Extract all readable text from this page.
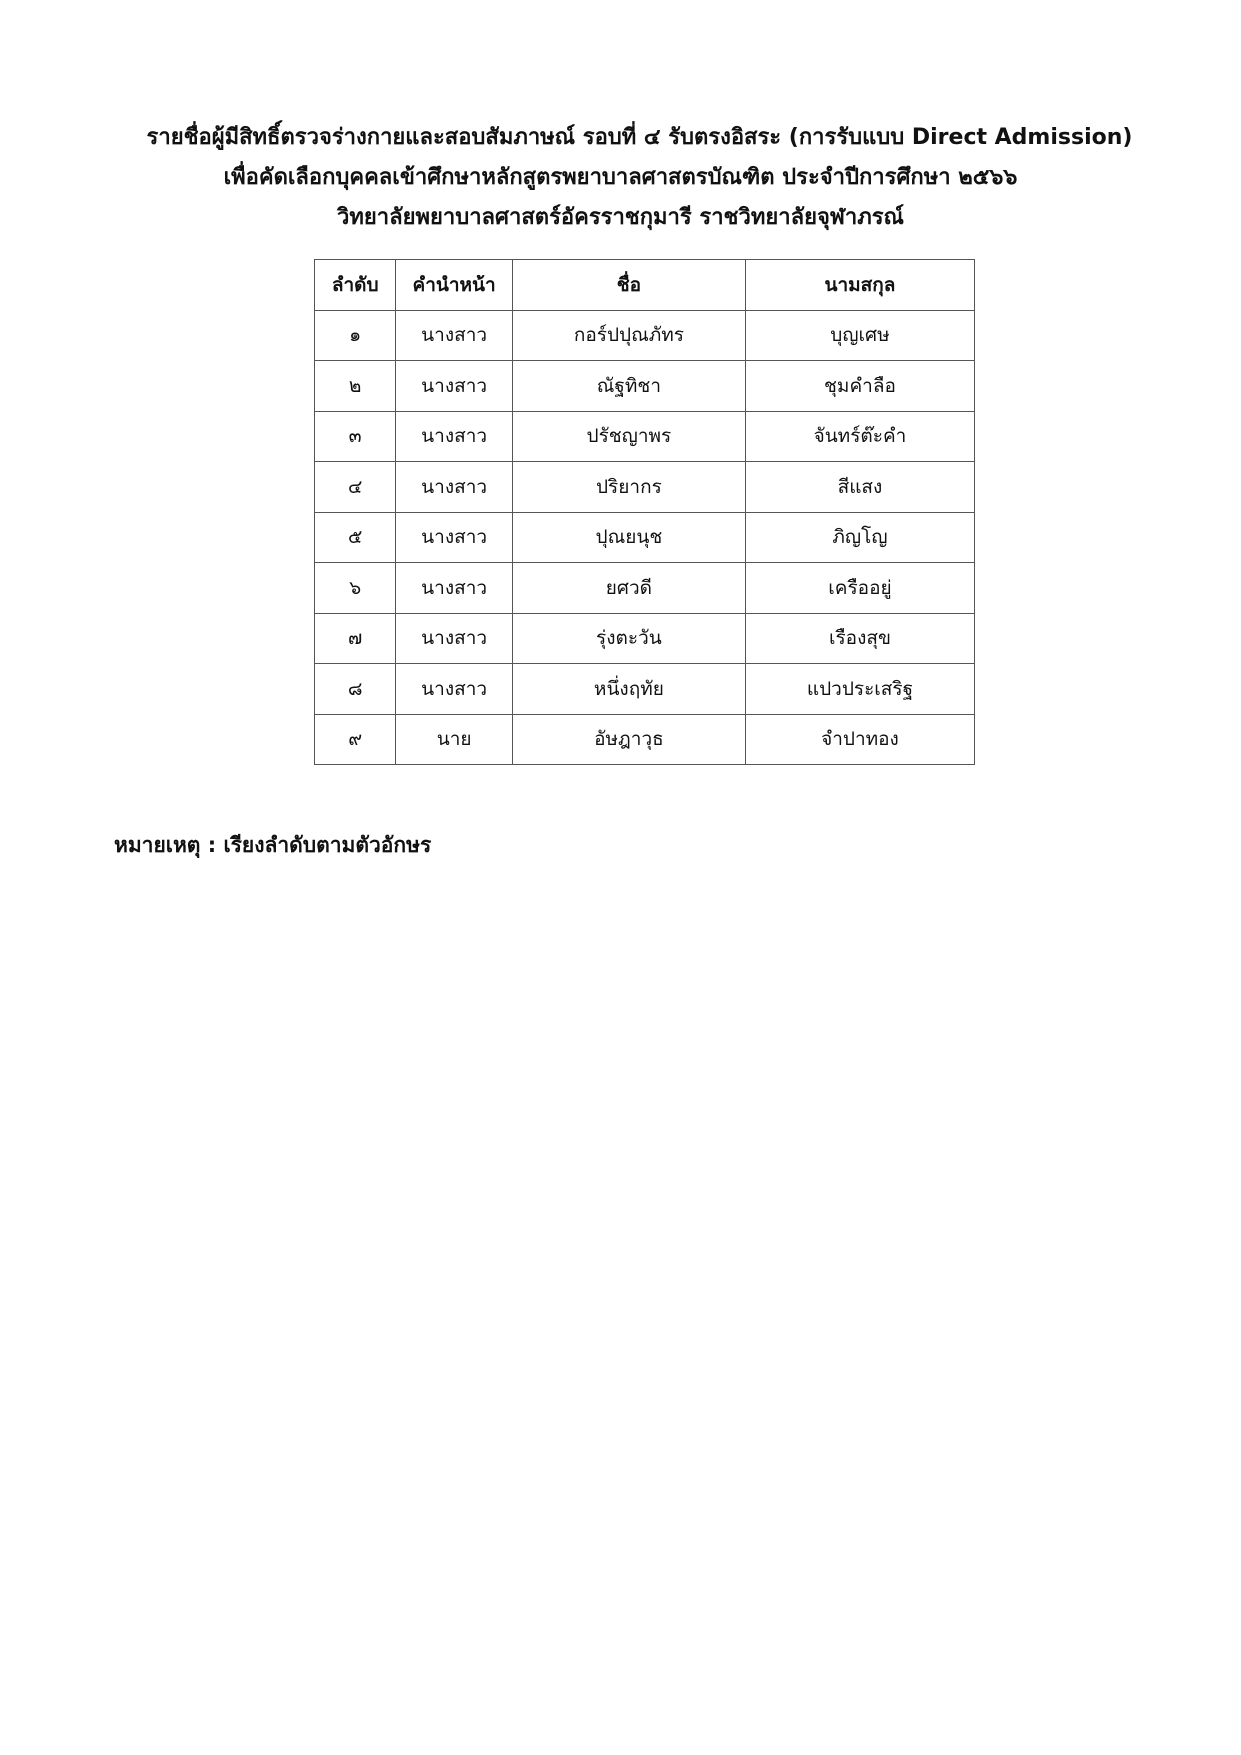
รายชื่อผู้มีสิทธิ์ตรวจร่างกายและสอบสัมภาษณ์ รอบที่ ๔ รับตรงอิสระ (การรับแบบ Direct Admission)
เพื่อคัดเลือกบุคคลเข้าศึกษาหลักสูตรพยาบาลศาสตรบัณฑิต ประจำปีการศึกษา ๒๕๖๖
วิทยาลัยพยาบาลศาสตร์อัครราชกุมารี ราชวิทยาลัยจุฬาภรณ์
ลำดับ	คำนำหน้า	ชื่อ	นามสกุล
๑	นางสาว	กอร์ปปุณภัทร	บุญเศษ
๒	นางสาว	ณัฐทิชา	ชุมคำลือ
๓	นางสาว	ปรัชญาพร	จันทร์ต๊ะคำ
๔	นางสาว	ปริยากร	สีแสง
๕	นางสาว	ปุณยนุช	ภิญโญ
๖	นางสาว	ยศวดี	เครืออยู่
๗	นางสาว	รุ่งตะวัน	เรืองสุข
๘	นางสาว	หนึ่งฤทัย	แปวประเสริฐ
๙	นาย	อัษฎาวุธ	จำปาทอง
หมายเหตุ : เรียงลำดับตามตัวอักษร
